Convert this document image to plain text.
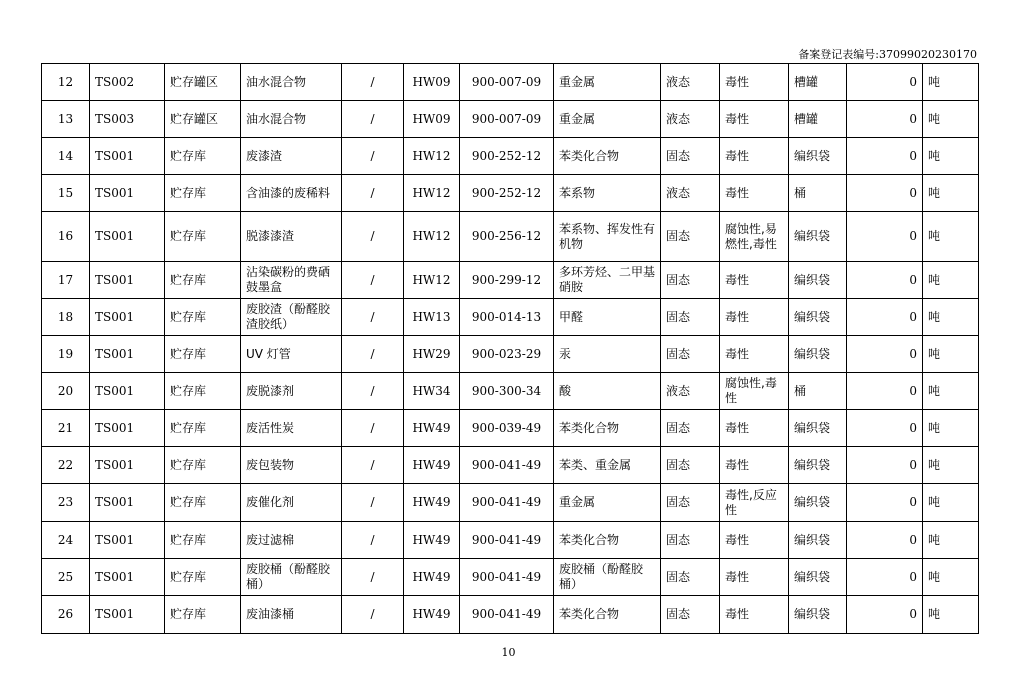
备案登记表编号:37099020230170
12	TS002	贮存罐区	油水混合物	/	HW09	900-007-09	重金属	液态	毒性	槽罐	0	吨
13	TS003	贮存罐区	油水混合物	/	HW09	900-007-09	重金属	液态	毒性	槽罐	0	吨
14	TS001	贮存库	废漆渣	/	HW12	900-252-12	苯类化合物	固态	毒性	编织袋	0	吨
15	TS001	贮存库	含油漆的废稀料	/	HW12	900-252-12	苯系物	液态	毒性	桶	0	吨
16	TS001	贮存库	脱漆漆渣	/	HW12	900-256-12	苯系物、挥发性有机物	固态	腐蚀性,易燃性,毒性	编织袋	0	吨
17	TS001	贮存库	沾染碳粉的费硒鼓墨盒	/	HW12	900-299-12	多环芳烃、二甲基硝胺	固态	毒性	编织袋	0	吨
18	TS001	贮存库	废胶渣（酚醛胶渣胶纸）	/	HW13	900-014-13	甲醛	固态	毒性	编织袋	0	吨
19	TS001	贮存库	UV 灯管	/	HW29	900-023-29	汞	固态	毒性	编织袋	0	吨
20	TS001	贮存库	废脱漆剂	/	HW34	900-300-34	酸	液态	腐蚀性,毒性	桶	0	吨
21	TS001	贮存库	废活性炭	/	HW49	900-039-49	苯类化合物	固态	毒性	编织袋	0	吨
22	TS001	贮存库	废包装物	/	HW49	900-041-49	苯类、重金属	固态	毒性	编织袋	0	吨
23	TS001	贮存库	废催化剂	/	HW49	900-041-49	重金属	固态	毒性,反应性	编织袋	0	吨
24	TS001	贮存库	废过滤棉	/	HW49	900-041-49	苯类化合物	固态	毒性	编织袋	0	吨
25	TS001	贮存库	废胶桶（酚醛胶桶）	/	HW49	900-041-49	废胶桶（酚醛胶桶）	固态	毒性	编织袋	0	吨
26	TS001	贮存库	废油漆桶	/	HW49	900-041-49	苯类化合物	固态	毒性	编织袋	0	吨
10
